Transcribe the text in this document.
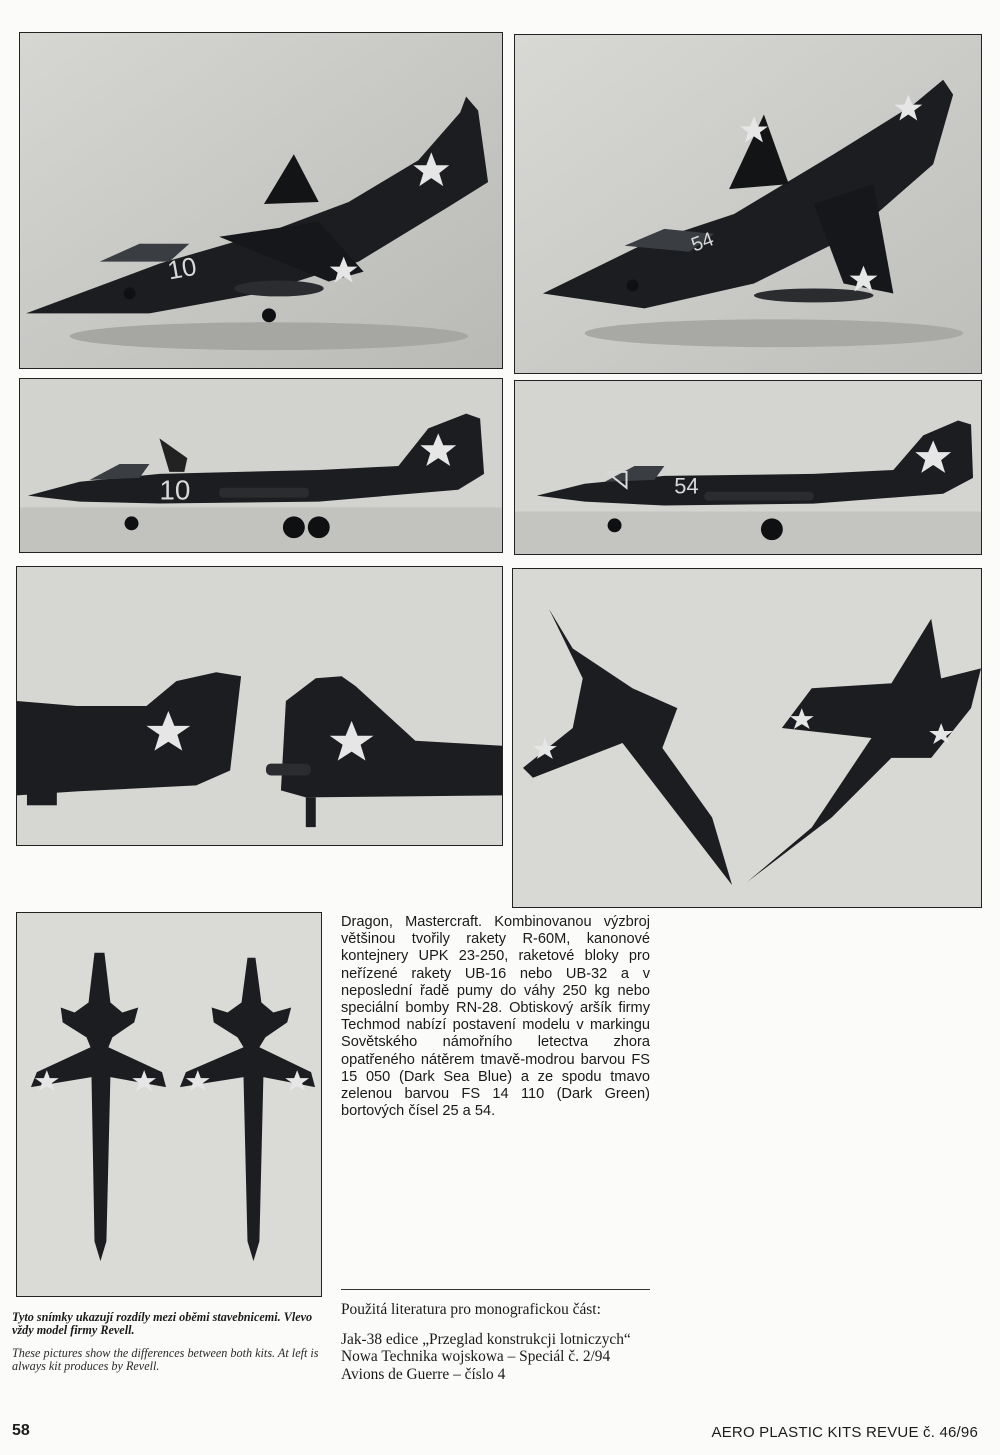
10
54
10	54
Dragon, Mastercraft. Kombinovanou výzbroj většinou tvořily rakety R-60M, kanonové kontejnery UPK 23-250, raketové bloky pro neřízené rakety UB-16 nebo UB-32 a v neposlední řadě pumy do váhy 250 kg nebo speciální bomby RN-28. Obtiskový aršík firmy Techmod nabízí postavení modelu v markingu Sovětského námořního letectva zhora opatřeného nátěrem tmavě-modrou barvou FS 15 050 (Dark Sea Blue) a ze spodu tmavo zelenou barvou FS 14 110 (Dark Green) bortových čísel 25 a 54.
Tyto snímky ukazují rozdíly mezi oběmi stavebnicemi. Vlevo vždy model firmy Revell.
These pictures show the differences between both kits. At left is always kit produces by Revell.

Použitá literatura pro monografickou část:

Jak-38 edice „Przeglad konstrukcji lotniczych“

Nowa Technika wojskowa – Speciál č. 2/94

Avions de Guerre – číslo 4

58	AERO PLASTIC KITS REVUE č. 46/96
